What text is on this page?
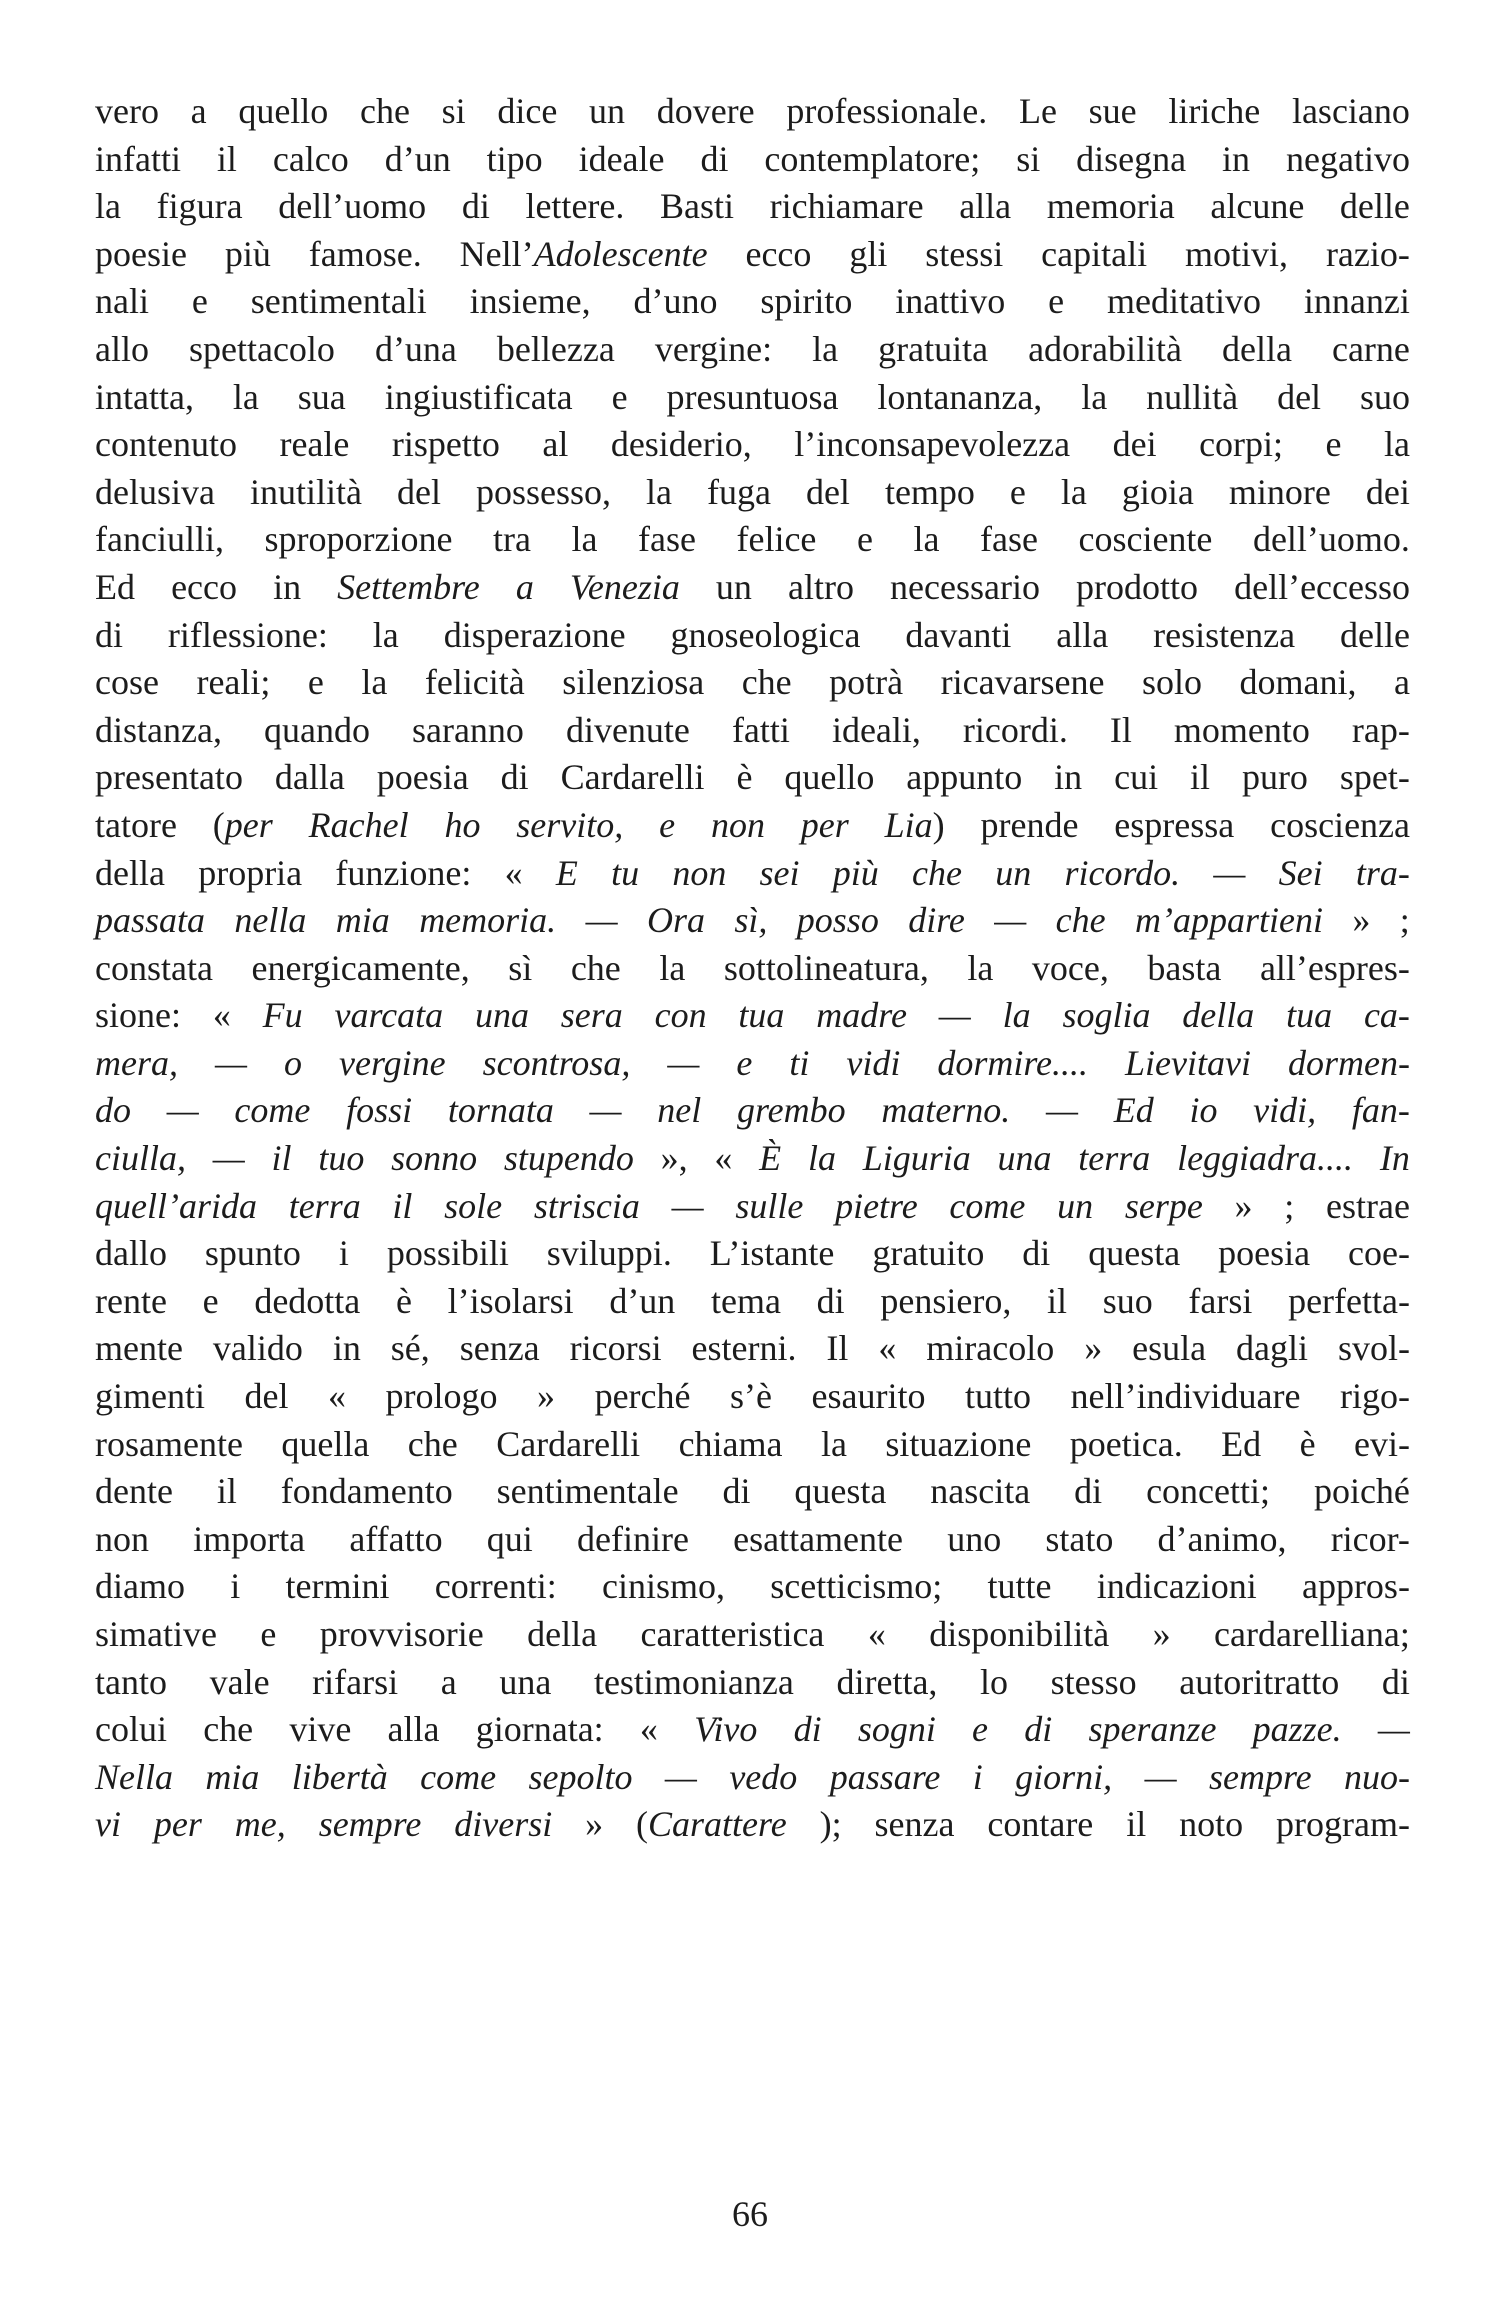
vero a quello che si dice un dovere professionale. Le sue liriche lasciano
infatti il calco d’un tipo ideale di contemplatore; si disegna in negativo
la figura dell’uomo di lettere. Basti richiamare alla memoria alcune delle
poesie più famose. Nell’Adolescente ecco gli stessi capitali motivi, razio-
nali e sentimentali insieme, d’uno spirito inattivo e meditativo innanzi
allo spettacolo d’una bellezza vergine: la gratuita adorabilità della carne
intatta, la sua ingiustificata e presuntuosa lontananza, la nullità del suo
contenuto reale rispetto al desiderio, l’inconsapevolezza dei corpi; e la
delusiva inutilità del possesso, la fuga del tempo e la gioia minore dei
fanciulli, sproporzione tra la fase felice e la fase cosciente dell’uomo.
Ed ecco in Settembre a Venezia un altro necessario prodotto dell’eccesso
di riflessione: la disperazione gnoseologica davanti alla resistenza delle
cose reali; e la felicità silenziosa che potrà ricavarsene solo domani, a
distanza, quando saranno divenute fatti ideali, ricordi. Il momento rap-
presentato dalla poesia di Cardarelli è quello appunto in cui il puro spet-
tatore (per Rachel ho servito, e non per Lia) prende espressa coscienza
della propria funzione: « E tu non sei più che un ricordo. — Sei tra-
passata nella mia memoria. — Ora sì, posso dire — che m’appartieni » ;
constata energicamente, sì che la sottolineatura, la voce, basta all’espres-
sione: « Fu varcata una sera con tua madre — la soglia della tua ca-
mera, — o vergine scontrosa, — e ti vidi dormire.... Lievitavi dormen-
do — come fossi tornata — nel grembo materno. — Ed io vidi, fan-
ciulla, — il tuo sonno stupendo », « È la Liguria una terra leggiadra.... In
quell’arida terra il sole striscia — sulle pietre come un serpe » ; estrae
dallo spunto i possibili sviluppi. L’istante gratuito di questa poesia coe-
rente e dedotta è l’isolarsi d’un tema di pensiero, il suo farsi perfetta-
mente valido in sé, senza ricorsi esterni. Il « miracolo » esula dagli svol-
gimenti del « prologo » perché s’è esaurito tutto nell’individuare rigo-
rosamente quella che Cardarelli chiama la situazione poetica. Ed è evi-
dente il fondamento sentimentale di questa nascita di concetti; poiché
non importa affatto qui definire esattamente uno stato d’animo, ricor-
diamo i termini correnti: cinismo, scetticismo; tutte indicazioni appros-
simative e provvisorie della caratteristica « disponibilità » cardarelliana;
tanto vale rifarsi a una testimonianza diretta, lo stesso autoritratto di
colui che vive alla giornata: « Vivo di sogni e di speranze pazze. —
Nella mia libertà come sepolto — vedo passare i giorni, — sempre nuo-
vi per me, sempre diversi » (Carattere ); senza contare il noto program-
66
